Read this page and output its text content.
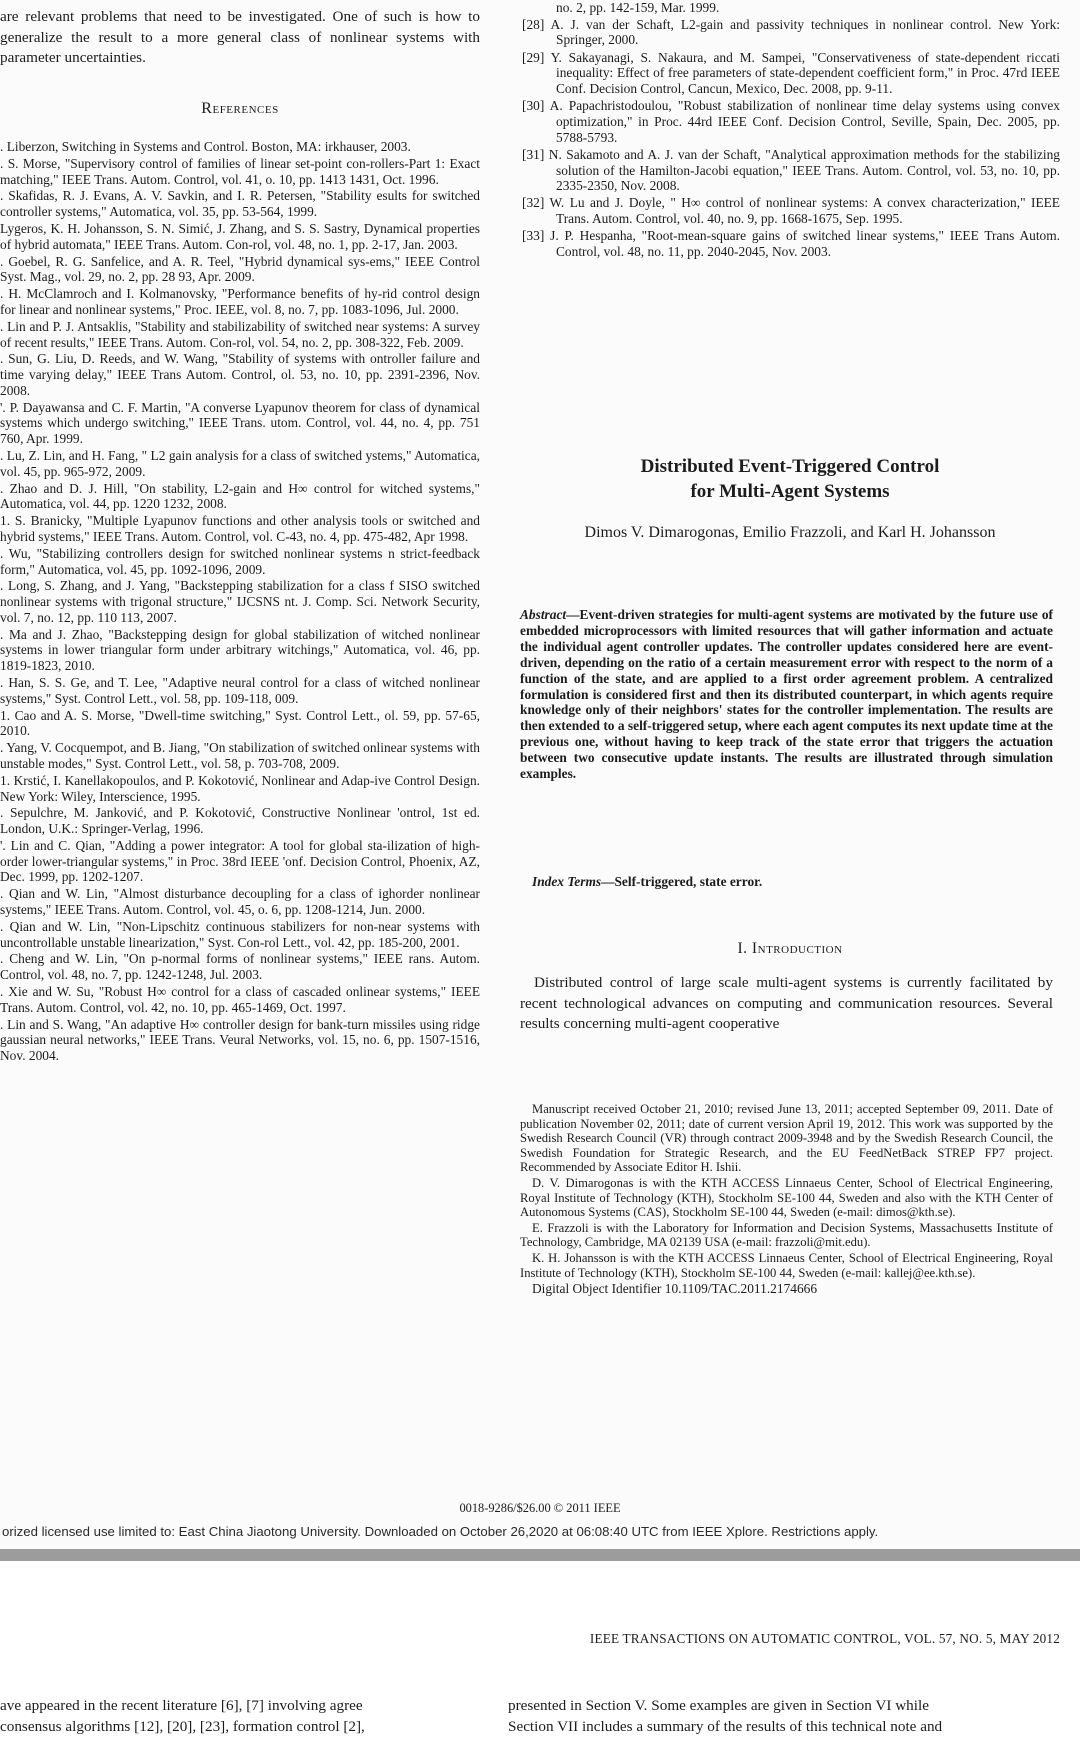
are relevant problems that need to be investigated. One of such is how to generalize the result to a more general class of nonlinear systems with parameter uncertainties.

References

. Liberzon, Switching in Systems and Control. Boston, MA: irkhauser, 2003.

. S. Morse, "Supervisory control of families of linear set-point con-rollers-Part 1: Exact matching," IEEE Trans. Autom. Control, vol. 41, o. 10, pp. 1413 1431, Oct. 1996.

. Skafidas, R. J. Evans, A. V. Savkin, and I. R. Petersen, "Stability esults for switched controller systems," Automatica, vol. 35, pp. 53-564, 1999.

Lygeros, K. H. Johansson, S. N. Simić, J. Zhang, and S. S. Sastry, Dynamical properties of hybrid automata," IEEE Trans. Autom. Con-rol, vol. 48, no. 1, pp. 2-17, Jan. 2003.

. Goebel, R. G. Sanfelice, and A. R. Teel, "Hybrid dynamical sys-ems," IEEE Control Syst. Mag., vol. 29, no. 2, pp. 28 93, Apr. 2009.

. H. McClamroch and I. Kolmanovsky, "Performance benefits of hy-rid control design for linear and nonlinear systems," Proc. IEEE, vol. 8, no. 7, pp. 1083-1096, Jul. 2000.

. Lin and P. J. Antsaklis, "Stability and stabilizability of switched near systems: A survey of recent results," IEEE Trans. Autom. Con-rol, vol. 54, no. 2, pp. 308-322, Feb. 2009.

. Sun, G. Liu, D. Reeds, and W. Wang, "Stability of systems with ontroller failure and time varying delay," IEEE Trans Autom. Control, ol. 53, no. 10, pp. 2391-2396, Nov. 2008.

'. P. Dayawansa and C. F. Martin, "A converse Lyapunov theorem for class of dynamical systems which undergo switching," IEEE Trans. utom. Control, vol. 44, no. 4, pp. 751 760, Apr. 1999.

. Lu, Z. Lin, and H. Fang, " L2 gain analysis for a class of switched ystems," Automatica, vol. 45, pp. 965-972, 2009.

. Zhao and D. J. Hill, "On stability, L2-gain and H∞ control for witched systems," Automatica, vol. 44, pp. 1220 1232, 2008.

1. S. Branicky, "Multiple Lyapunov functions and other analysis tools or switched and hybrid systems," IEEE Trans. Autom. Control, vol. C-43, no. 4, pp. 475-482, Apr 1998.

. Wu, "Stabilizing controllers design for switched nonlinear systems n strict-feedback form," Automatica, vol. 45, pp. 1092-1096, 2009.

. Long, S. Zhang, and J. Yang, "Backstepping stabilization for a class f SISO switched nonlinear systems with trigonal structure," IJCSNS nt. J. Comp. Sci. Network Security, vol. 7, no. 12, pp. 110 113, 2007.

. Ma and J. Zhao, "Backstepping design for global stabilization of witched nonlinear systems in lower triangular form under arbitrary witchings," Automatica, vol. 46, pp. 1819-1823, 2010.

. Han, S. S. Ge, and T. Lee, "Adaptive neural control for a class of witched nonlinear systems," Syst. Control Lett., vol. 58, pp. 109-118, 009.

1. Cao and A. S. Morse, "Dwell-time switching," Syst. Control Lett., ol. 59, pp. 57-65, 2010.

. Yang, V. Cocquempot, and B. Jiang, "On stabilization of switched onlinear systems with unstable modes," Syst. Control Lett., vol. 58, p. 703-708, 2009.

1. Krstić, I. Kanellakopoulos, and P. Kokotović, Nonlinear and Adap-ive Control Design. New York: Wiley, Interscience, 1995.

. Sepulchre, M. Janković, and P. Kokotović, Constructive Nonlinear 'ontrol, 1st ed. London, U.K.: Springer-Verlag, 1996.

'. Lin and C. Qian, "Adding a power integrator: A tool for global sta-ilization of high-order lower-triangular systems," in Proc. 38rd IEEE 'onf. Decision Control, Phoenix, AZ, Dec. 1999, pp. 1202-1207.

. Qian and W. Lin, "Almost disturbance decoupling for a class of ighorder nonlinear systems," IEEE Trans. Autom. Control, vol. 45, o. 6, pp. 1208-1214, Jun. 2000.

. Qian and W. Lin, "Non-Lipschitz continuous stabilizers for non-near systems with uncontrollable unstable linearization," Syst. Con-rol Lett., vol. 42, pp. 185-200, 2001.

. Cheng and W. Lin, "On p-normal forms of nonlinear systems," IEEE rans. Autom. Control, vol. 48, no. 7, pp. 1242-1248, Jul. 2003.

. Xie and W. Su, "Robust H∞ control for a class of cascaded onlinear systems," IEEE Trans. Autom. Control, vol. 42, no. 10, pp. 465-1469, Oct. 1997.

. Lin and S. Wang, "An adaptive H∞ controller design for bank-turn missiles using ridge gaussian neural networks," IEEE Trans. Veural Networks, vol. 15, no. 6, pp. 1507-1516, Nov. 2004.

no. 2, pp. 142-159, Mar. 1999.

[28] A. J. van der Schaft, L2-gain and passivity techniques in nonlinear control. New York: Springer, 2000.

[29] Y. Sakayanagi, S. Nakaura, and M. Sampei, "Conservativeness of state-dependent riccati inequality: Effect of free parameters of state-dependent coefficient form," in Proc. 47rd IEEE Conf. Decision Control, Cancun, Mexico, Dec. 2008, pp. 9-11.

[30] A. Papachristodoulou, "Robust stabilization of nonlinear time delay systems using convex optimization," in Proc. 44rd IEEE Conf. Decision Control, Seville, Spain, Dec. 2005, pp. 5788-5793.

[31] N. Sakamoto and A. J. van der Schaft, "Analytical approximation methods for the stabilizing solution of the Hamilton-Jacobi equation," IEEE Trans. Autom. Control, vol. 53, no. 10, pp. 2335-2350, Nov. 2008.

[32] W. Lu and J. Doyle, " H∞ control of nonlinear systems: A convex characterization," IEEE Trans. Autom. Control, vol. 40, no. 9, pp. 1668-1675, Sep. 1995.

[33] J. P. Hespanha, "Root-mean-square gains of switched linear systems," IEEE Trans Autom. Control, vol. 48, no. 11, pp. 2040-2045, Nov. 2003.

Distributed Event-Triggered Control

for Multi-Agent Systems

Dimos V. Dimarogonas, Emilio Frazzoli, and Karl H. Johansson

Abstract—Event-driven strategies for multi-agent systems are motivated by the future use of embedded microprocessors with limited resources that will gather information and actuate the individual agent controller updates. The controller updates considered here are event-driven, depending on the ratio of a certain measurement error with respect to the norm of a function of the state, and are applied to a first order agreement problem. A centralized formulation is considered first and then its distributed counterpart, in which agents require knowledge only of their neighbors' states for the controller implementation. The results are then extended to a self-triggered setup, where each agent computes its next update time at the previous one, without having to keep track of the state error that triggers the actuation between two consecutive update instants. The results are illustrated through simulation examples.

Index Terms—Self-triggered, state error.

I. Introduction

Distributed control of large scale multi-agent systems is currently facilitated by recent technological advances on computing and communication resources. Several results concerning multi-agent cooperative

Manuscript received October 21, 2010; revised June 13, 2011; accepted September 09, 2011. Date of publication November 02, 2011; date of current version April 19, 2012. This work was supported by the Swedish Research Council (VR) through contract 2009-3948 and by the Swedish Research Council, the Swedish Foundation for Strategic Research, and the EU FeedNetBack STREP FP7 project. Recommended by Associate Editor H. Ishii.

D. V. Dimarogonas is with the KTH ACCESS Linnaeus Center, School of Electrical Engineering, Royal Institute of Technology (KTH), Stockholm SE-100 44, Sweden and also with the KTH Center of Autonomous Systems (CAS), Stockholm SE-100 44, Sweden (e-mail: dimos@kth.se).

E. Frazzoli is with the Laboratory for Information and Decision Systems, Massachusetts Institute of Technology, Cambridge, MA 02139 USA (e-mail: frazzoli@mit.edu).

K. H. Johansson is with the KTH ACCESS Linnaeus Center, School of Electrical Engineering, Royal Institute of Technology (KTH), Stockholm SE-100 44, Sweden (e-mail: kallej@ee.kth.se).

Digital Object Identifier 10.1109/TAC.2011.2174666

0018-9286/$26.00 © 2011 IEEE
orized licensed use limited to: East China Jiaotong University. Downloaded on October 26,2020 at 06:08:40 UTC from IEEE Xplore. Restrictions apply.
IEEE TRANSACTIONS ON AUTOMATIC CONTROL, VOL. 57, NO. 5, MAY 2012

ave appeared in the recent literature [6], [7] involving agree

consensus algorithms [12], [20], [23], formation control [2],

presented in Section V. Some examples are given in Section VI while

Section VII includes a summary of the results of this technical note and
